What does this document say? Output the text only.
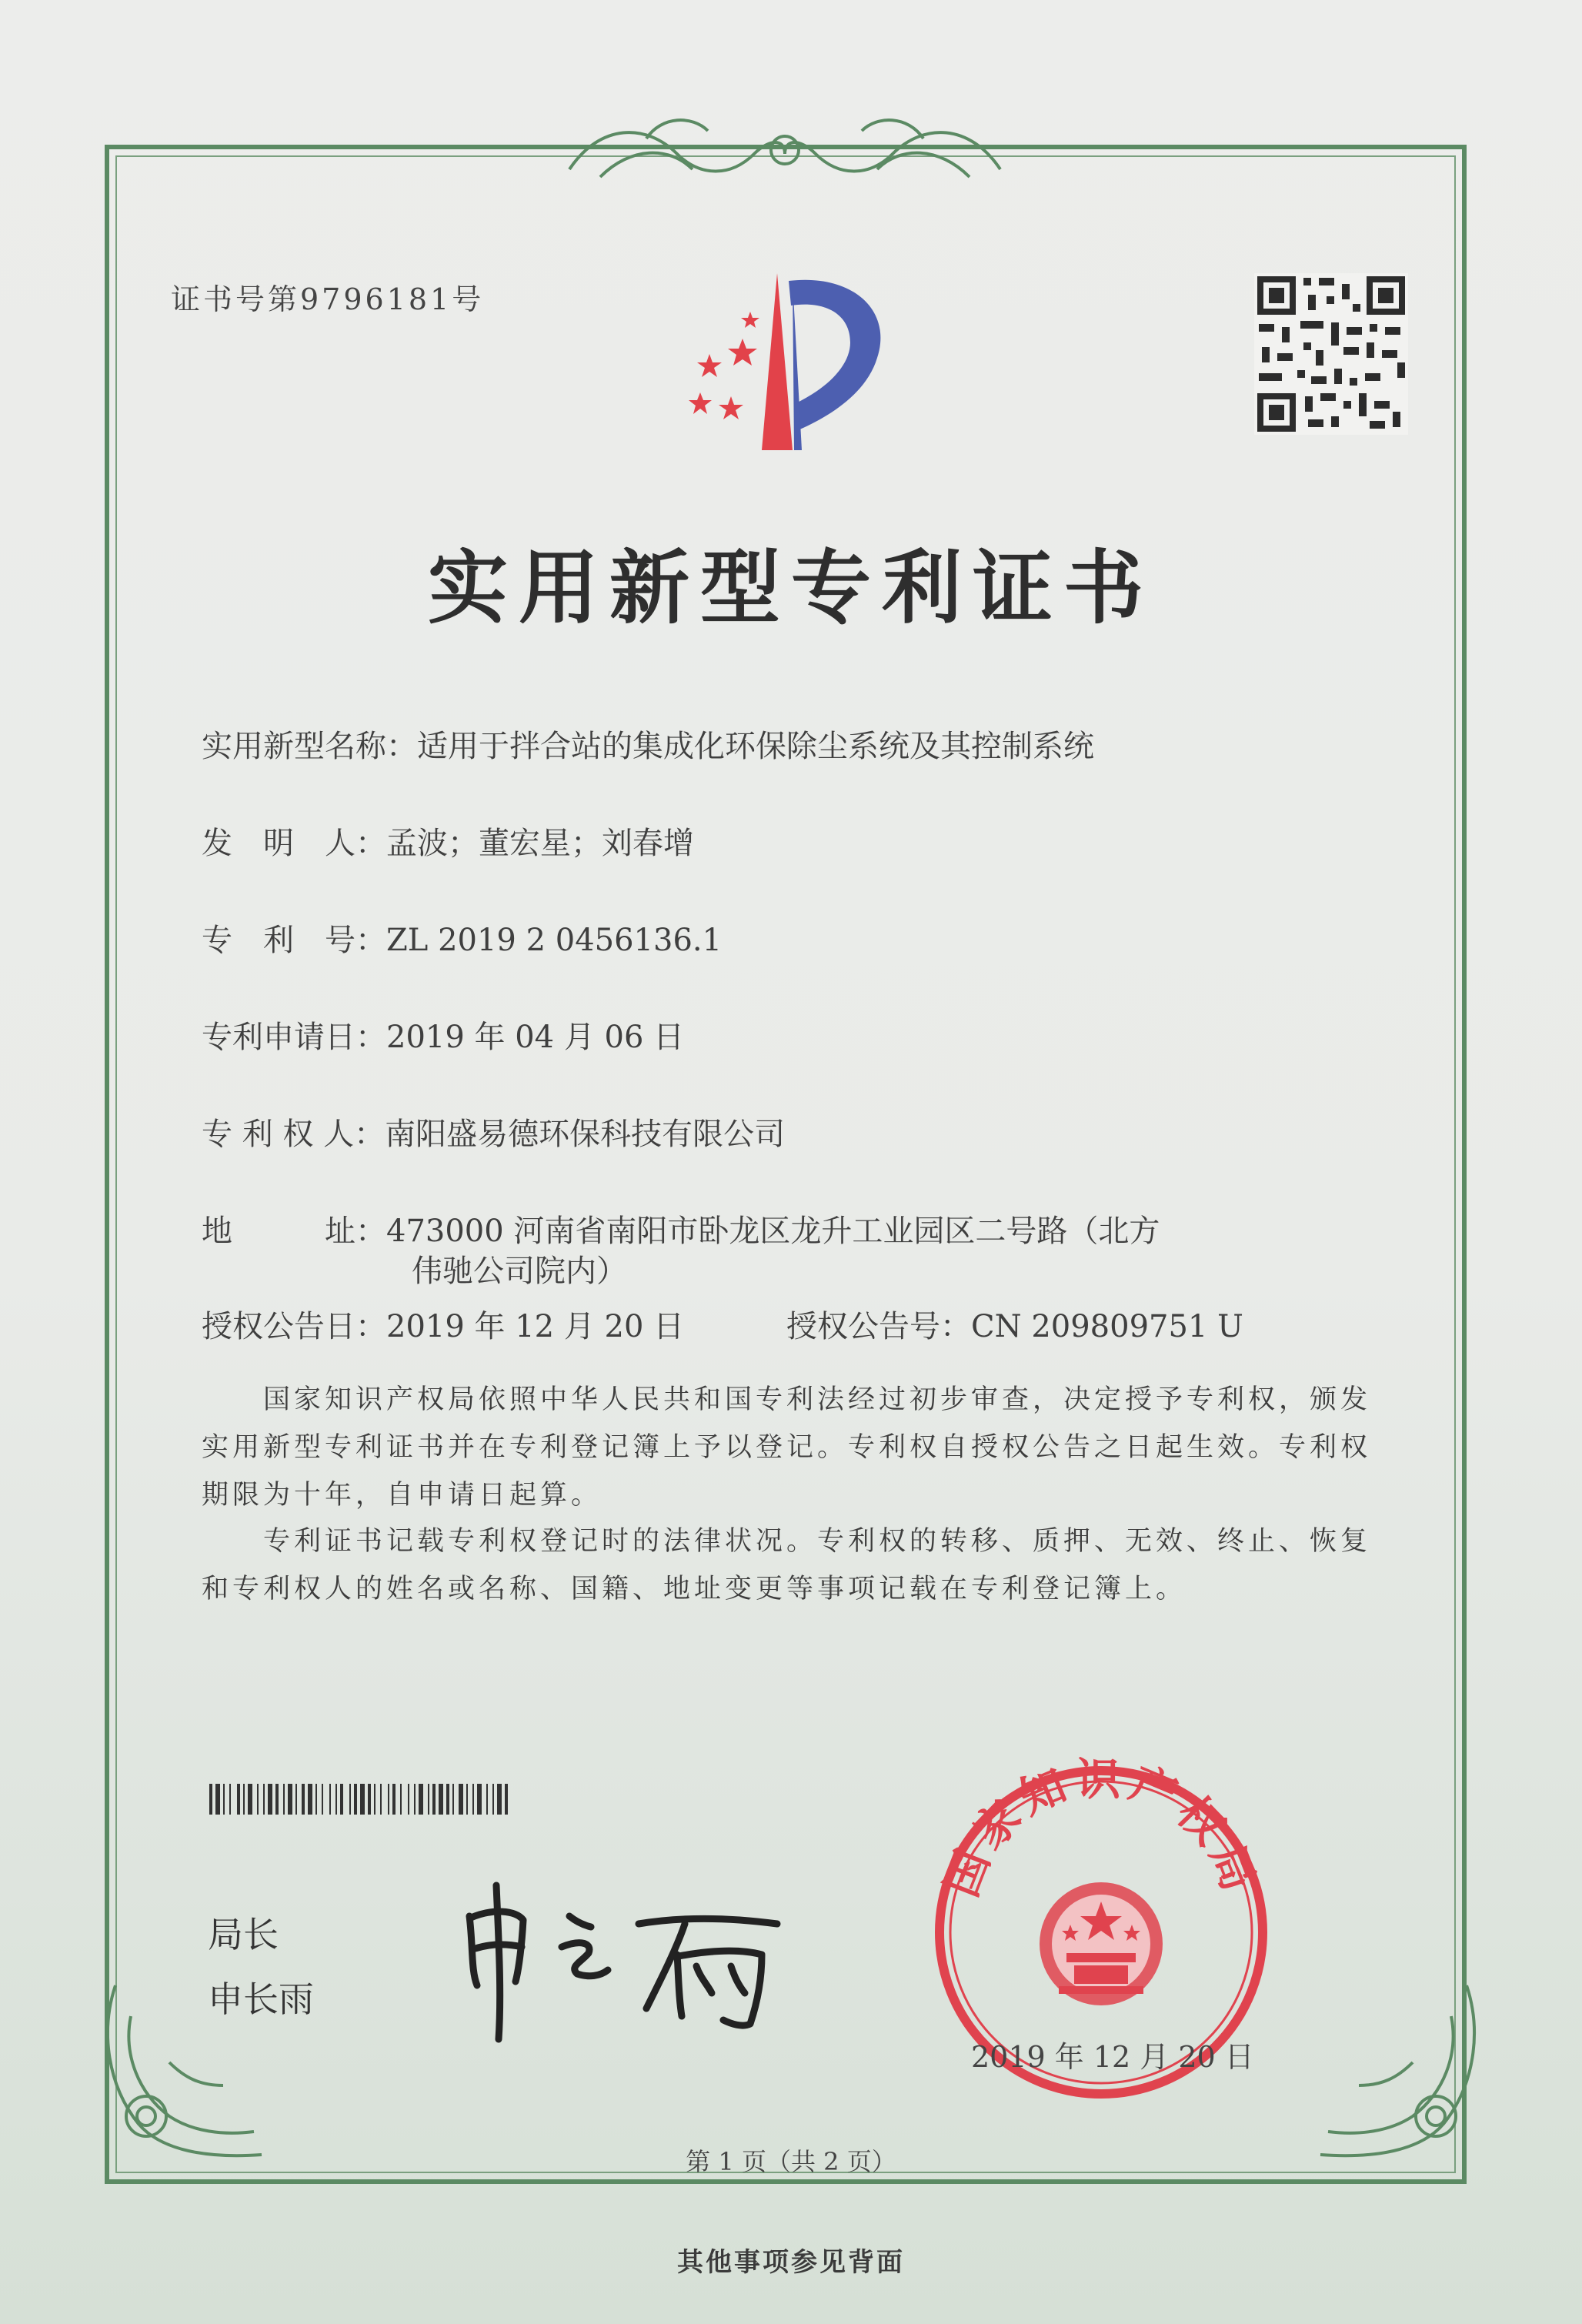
证书号第9796181号
实用新型专利证书
实用新型名称：适用于拌合站的集成化环保除尘系统及其控制系统
发　明　人：孟波；董宏星；刘春增
专　利　号：ZL 2019 2 0456136.1
专利申请日：2019 年 04 月 06 日
专 利 权 人：南阳盛易德环保科技有限公司
地　　　址：473000 河南省南阳市卧龙区龙升工业园区二号路（北方
伟驰公司院内）
授权公告日：2019 年 12 月 20 日	授权公告号：CN 209809751 U
国家知识产权局依照中华人民共和国专利法经过初步审查，决定授予专利权，颁发实用新型专利证书并在专利登记簿上予以登记。专利权自授权公告之日起生效。专利权期限为十年，自申请日起算。
专利证书记载专利权登记时的法律状况。专利权的转移、质押、无效、终止、恢复和专利权人的姓名或名称、国籍、地址变更等事项记载在专利登记簿上。
局长
申长雨
国家知识产权局
2019 年 12 月 20 日
第 1 页（共 2 页）
其他事项参见背面
